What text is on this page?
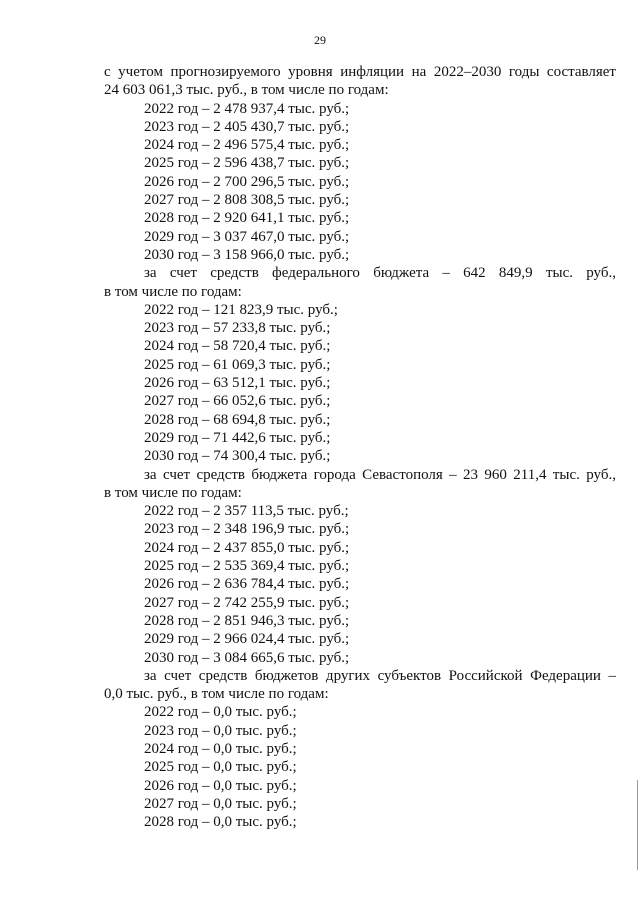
29
с учетом прогнозируемого уровня инфляции на 2022–2030 годы составляет
24 603 061,3 тыс. руб., в том числе по годам:
2022 год – 2 478 937,4 тыс. руб.;
2023 год – 2 405 430,7 тыс. руб.;
2024 год – 2 496 575,4 тыс. руб.;
2025 год – 2 596 438,7 тыс. руб.;
2026 год – 2 700 296,5 тыс. руб.;
2027 год – 2 808 308,5 тыс. руб.;
2028 год – 2 920 641,1 тыс. руб.;
2029 год – 3 037 467,0 тыс. руб.;
2030 год – 3 158 966,0 тыс. руб.;
за счет средств федерального бюджета – 642 849,9 тыс. руб.,
в том числе по годам:
2022 год – 121 823,9 тыс. руб.;
2023 год – 57 233,8 тыс. руб.;
2024 год – 58 720,4 тыс. руб.;
2025 год – 61 069,3 тыс. руб.;
2026 год – 63 512,1 тыс. руб.;
2027 год – 66 052,6 тыс. руб.;
2028 год – 68 694,8 тыс. руб.;
2029 год – 71 442,6 тыс. руб.;
2030 год – 74 300,4 тыс. руб.;
за счет средств бюджета города Севастополя – 23 960 211,4 тыс. руб.,
в том числе по годам:
2022 год – 2 357 113,5 тыс. руб.;
2023 год – 2 348 196,9 тыс. руб.;
2024 год – 2 437 855,0 тыс. руб.;
2025 год – 2 535 369,4 тыс. руб.;
2026 год – 2 636 784,4 тыс. руб.;
2027 год – 2 742 255,9 тыс. руб.;
2028 год – 2 851 946,3 тыс. руб.;
2029 год – 2 966 024,4 тыс. руб.;
2030 год – 3 084 665,6 тыс. руб.;
за счет средств бюджетов других субъектов Российской Федерации –
0,0 тыс. руб., в том числе по годам:
2022 год – 0,0 тыс. руб.;
2023 год – 0,0 тыс. руб.;
2024 год – 0,0 тыс. руб.;
2025 год – 0,0 тыс. руб.;
2026 год – 0,0 тыс. руб.;
2027 год – 0,0 тыс. руб.;
2028 год – 0,0 тыс. руб.;
